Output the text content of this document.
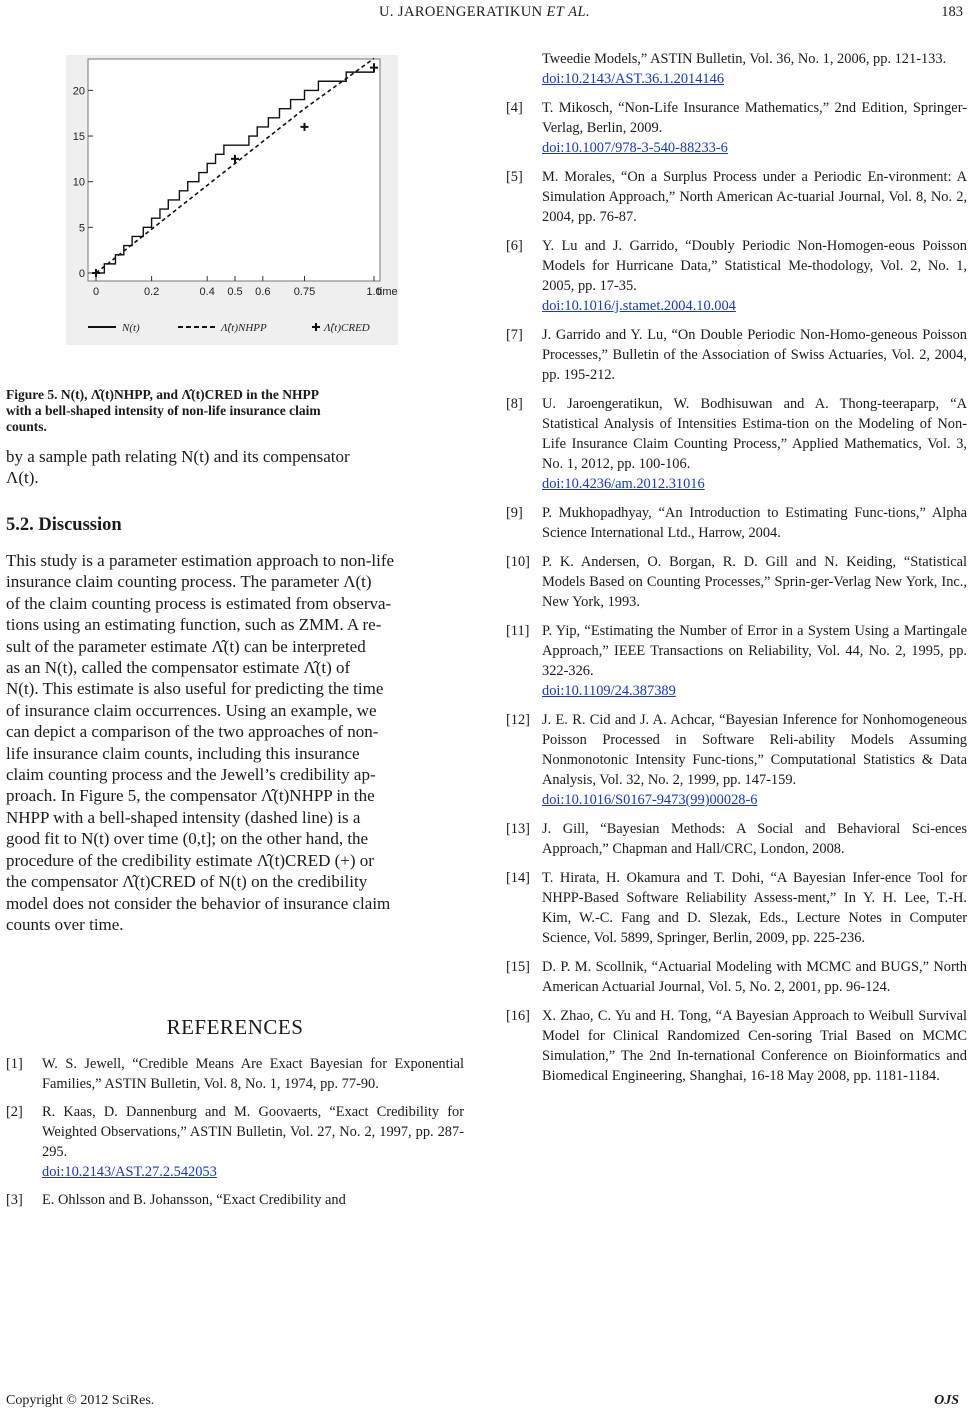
U. JAROENGERATIKUN ET AL.	183
0
5
10
15
20
0	0.2	0.4 0.5 0.6 0.75	1.0
time
N(t)	Λ̂(t)NHPP	Λ̂(t)CRED
Figure 5. N(t), Λ̂(t)NHPP, and Λ̂(t)CRED in the NHPP
with a bell-shaped intensity of non-life insurance claim
counts.
by a sample path relating N(t) and its compensator
Λ(t).
5.2. Discussion
This study is a parameter estimation approach to non-life
insurance claim counting process. The parameter Λ(t)
of the claim counting process is estimated from observa-
tions using an estimating function, such as ZMM. A re-
sult of the parameter estimate Λ̂(t) can be interpreted
as an N(t), called the compensator estimate Λ̂(t) of
N(t). This estimate is also useful for predicting the time
of insurance claim occurrences. Using an example, we
can depict a comparison of the two approaches of non-
life insurance claim counts, including this insurance
claim counting process and the Jewell’s credibility ap-
proach. In Figure 5, the compensator Λ̂(t)NHPP in the
NHPP with a bell-shaped intensity (dashed line) is a
good fit to N(t) over time (0,t]; on the other hand, the
procedure of the credibility estimate Λ̂(t)CRED (+) or
the compensator Λ̂(t)CRED of N(t) on the credibility
model does not consider the behavior of insurance claim
counts over time.
REFERENCES
[1] W. S. Jewell, “Credible Means Are Exact Bayesian for Exponential Families,” ASTIN Bulletin, Vol. 8, No. 1, 1974, pp. 77-90.
[2] R. Kaas, D. Dannenburg and M. Goovaerts, “Exact Credibility for Weighted Observations,” ASTIN Bulletin, Vol. 27, No. 2, 1997, pp. 287-295.
doi:10.2143/AST.27.2.542053
[3] E. Ohlsson and B. Johansson, “Exact Credibility and
Tweedie Models,” ASTIN Bulletin, Vol. 36, No. 1, 2006, pp. 121-133.
doi:10.2143/AST.36.1.2014146
[4] T. Mikosch, “Non-Life Insurance Mathematics,” 2nd Edition, Springer-Verlag, Berlin, 2009.
doi:10.1007/978-3-540-88233-6
[5] M. Morales, “On a Surplus Process under a Periodic En-vironment: A Simulation Approach,” North American Ac-tuarial Journal, Vol. 8, No. 2, 2004, pp. 76-87.
[6] Y. Lu and J. Garrido, “Doubly Periodic Non-Homogen-eous Poisson Models for Hurricane Data,” Statistical Me-thodology, Vol. 2, No. 1, 2005, pp. 17-35.
doi:10.1016/j.stamet.2004.10.004
[7] J. Garrido and Y. Lu, “On Double Periodic Non-Homo-geneous Poisson Processes,” Bulletin of the Association of Swiss Actuaries, Vol. 2, 2004, pp. 195-212.
[8] U. Jaroengeratikun, W. Bodhisuwan and A. Thong-teeraparp, “A Statistical Analysis of Intensities Estima-tion on the Modeling of Non-Life Insurance Claim Counting Process,” Applied Mathematics, Vol. 3, No. 1, 2012, pp. 100-106.
doi:10.4236/am.2012.31016
[9] P. Mukhopadhyay, “An Introduction to Estimating Func-tions,” Alpha Science International Ltd., Harrow, 2004.
[10] P. K. Andersen, O. Borgan, R. D. Gill and N. Keiding, “Statistical Models Based on Counting Processes,” Sprin-ger-Verlag New York, Inc., New York, 1993.
[11] P. Yip, “Estimating the Number of Error in a System Using a Martingale Approach,” IEEE Transactions on Reliability, Vol. 44, No. 2, 1995, pp. 322-326.
doi:10.1109/24.387389
[12] J. E. R. Cid and J. A. Achcar, “Bayesian Inference for Nonhomogeneous Poisson Processed in Software Reli-ability Models Assuming Nonmonotonic Intensity Func-tions,” Computational Statistics & Data Analysis, Vol. 32, No. 2, 1999, pp. 147-159.
doi:10.1016/S0167-9473(99)00028-6
[13] J. Gill, “Bayesian Methods: A Social and Behavioral Sci-ences Approach,” Chapman and Hall/CRC, London, 2008.
[14] T. Hirata, H. Okamura and T. Dohi, “A Bayesian Infer-ence Tool for NHPP-Based Software Reliability Assess-ment,” In Y. H. Lee, T.-H. Kim, W.-C. Fang and D. Slezak, Eds., Lecture Notes in Computer Science, Vol. 5899, Springer, Berlin, 2009, pp. 225-236.
[15] D. P. M. Scollnik, “Actuarial Modeling with MCMC and BUGS,” North American Actuarial Journal, Vol. 5, No. 2, 2001, pp. 96-124.
[16] X. Zhao, C. Yu and H. Tong, “A Bayesian Approach to Weibull Survival Model for Clinical Randomized Cen-soring Trial Based on MCMC Simulation,” The 2nd In-ternational Conference on Bioinformatics and Biomedical Engineering, Shanghai, 16-18 May 2008, pp. 1181-1184.
Copyright © 2012 SciRes.	OJS
